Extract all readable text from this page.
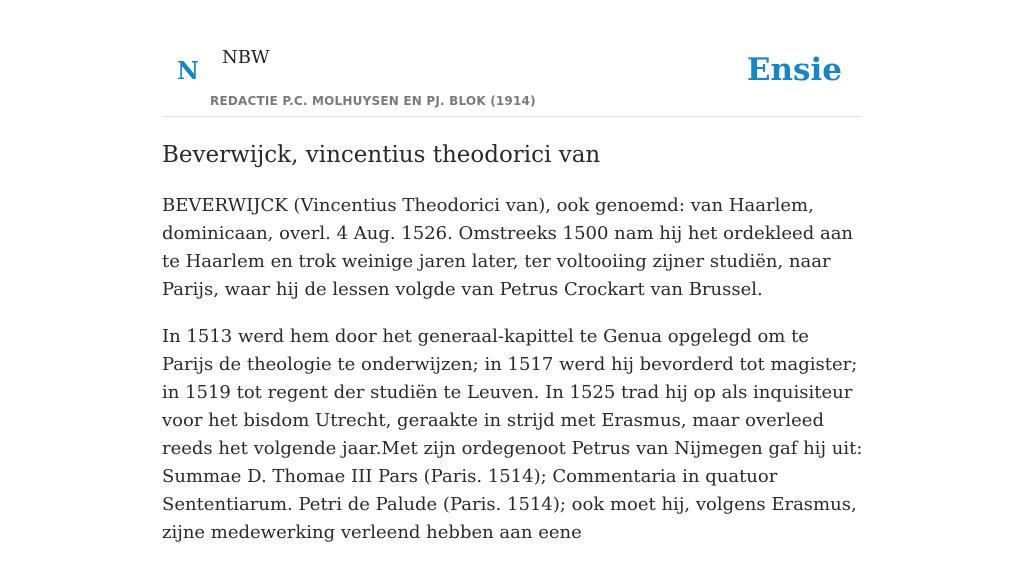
N NBW
REDACTIE P.C. MOLHUYSEN EN PJ. BLOK (1914)
Ensie
Beverwijck, vincentius theodorici van

BEVERWIJCK (Vincentius Theodorici van), ook genoemd: van Haarlem, dominicaan, overl. 4 Aug. 1526. Omstreeks 1500 nam hij het ordekleed aan te Haarlem en trok weinige jaren later, ter voltooiing zijner studiën, naar Parijs, waar hij de lessen volgde van Petrus Crockart van Brussel.

In 1513 werd hem door het generaal-kapittel te Genua opgelegd om te Parijs de theologie te onderwijzen; in 1517 werd hij bevorderd tot magister; in 1519 tot regent der studiën te Leuven. In 1525 trad hij op als inquisiteur voor het bisdom Utrecht, geraakte in strijd met Erasmus, maar overleed reeds het volgende jaar.Met zijn ordegenoot Petrus van Nijmegen gaf hij uit: Summae D. Thomae III Pars (Paris. 1514); Commentaria in quatuor Sententiarum. Petri de Palude (Paris. 1514); ook moet hij, volgens Erasmus, zijne medewerking verleend hebben aan eene
